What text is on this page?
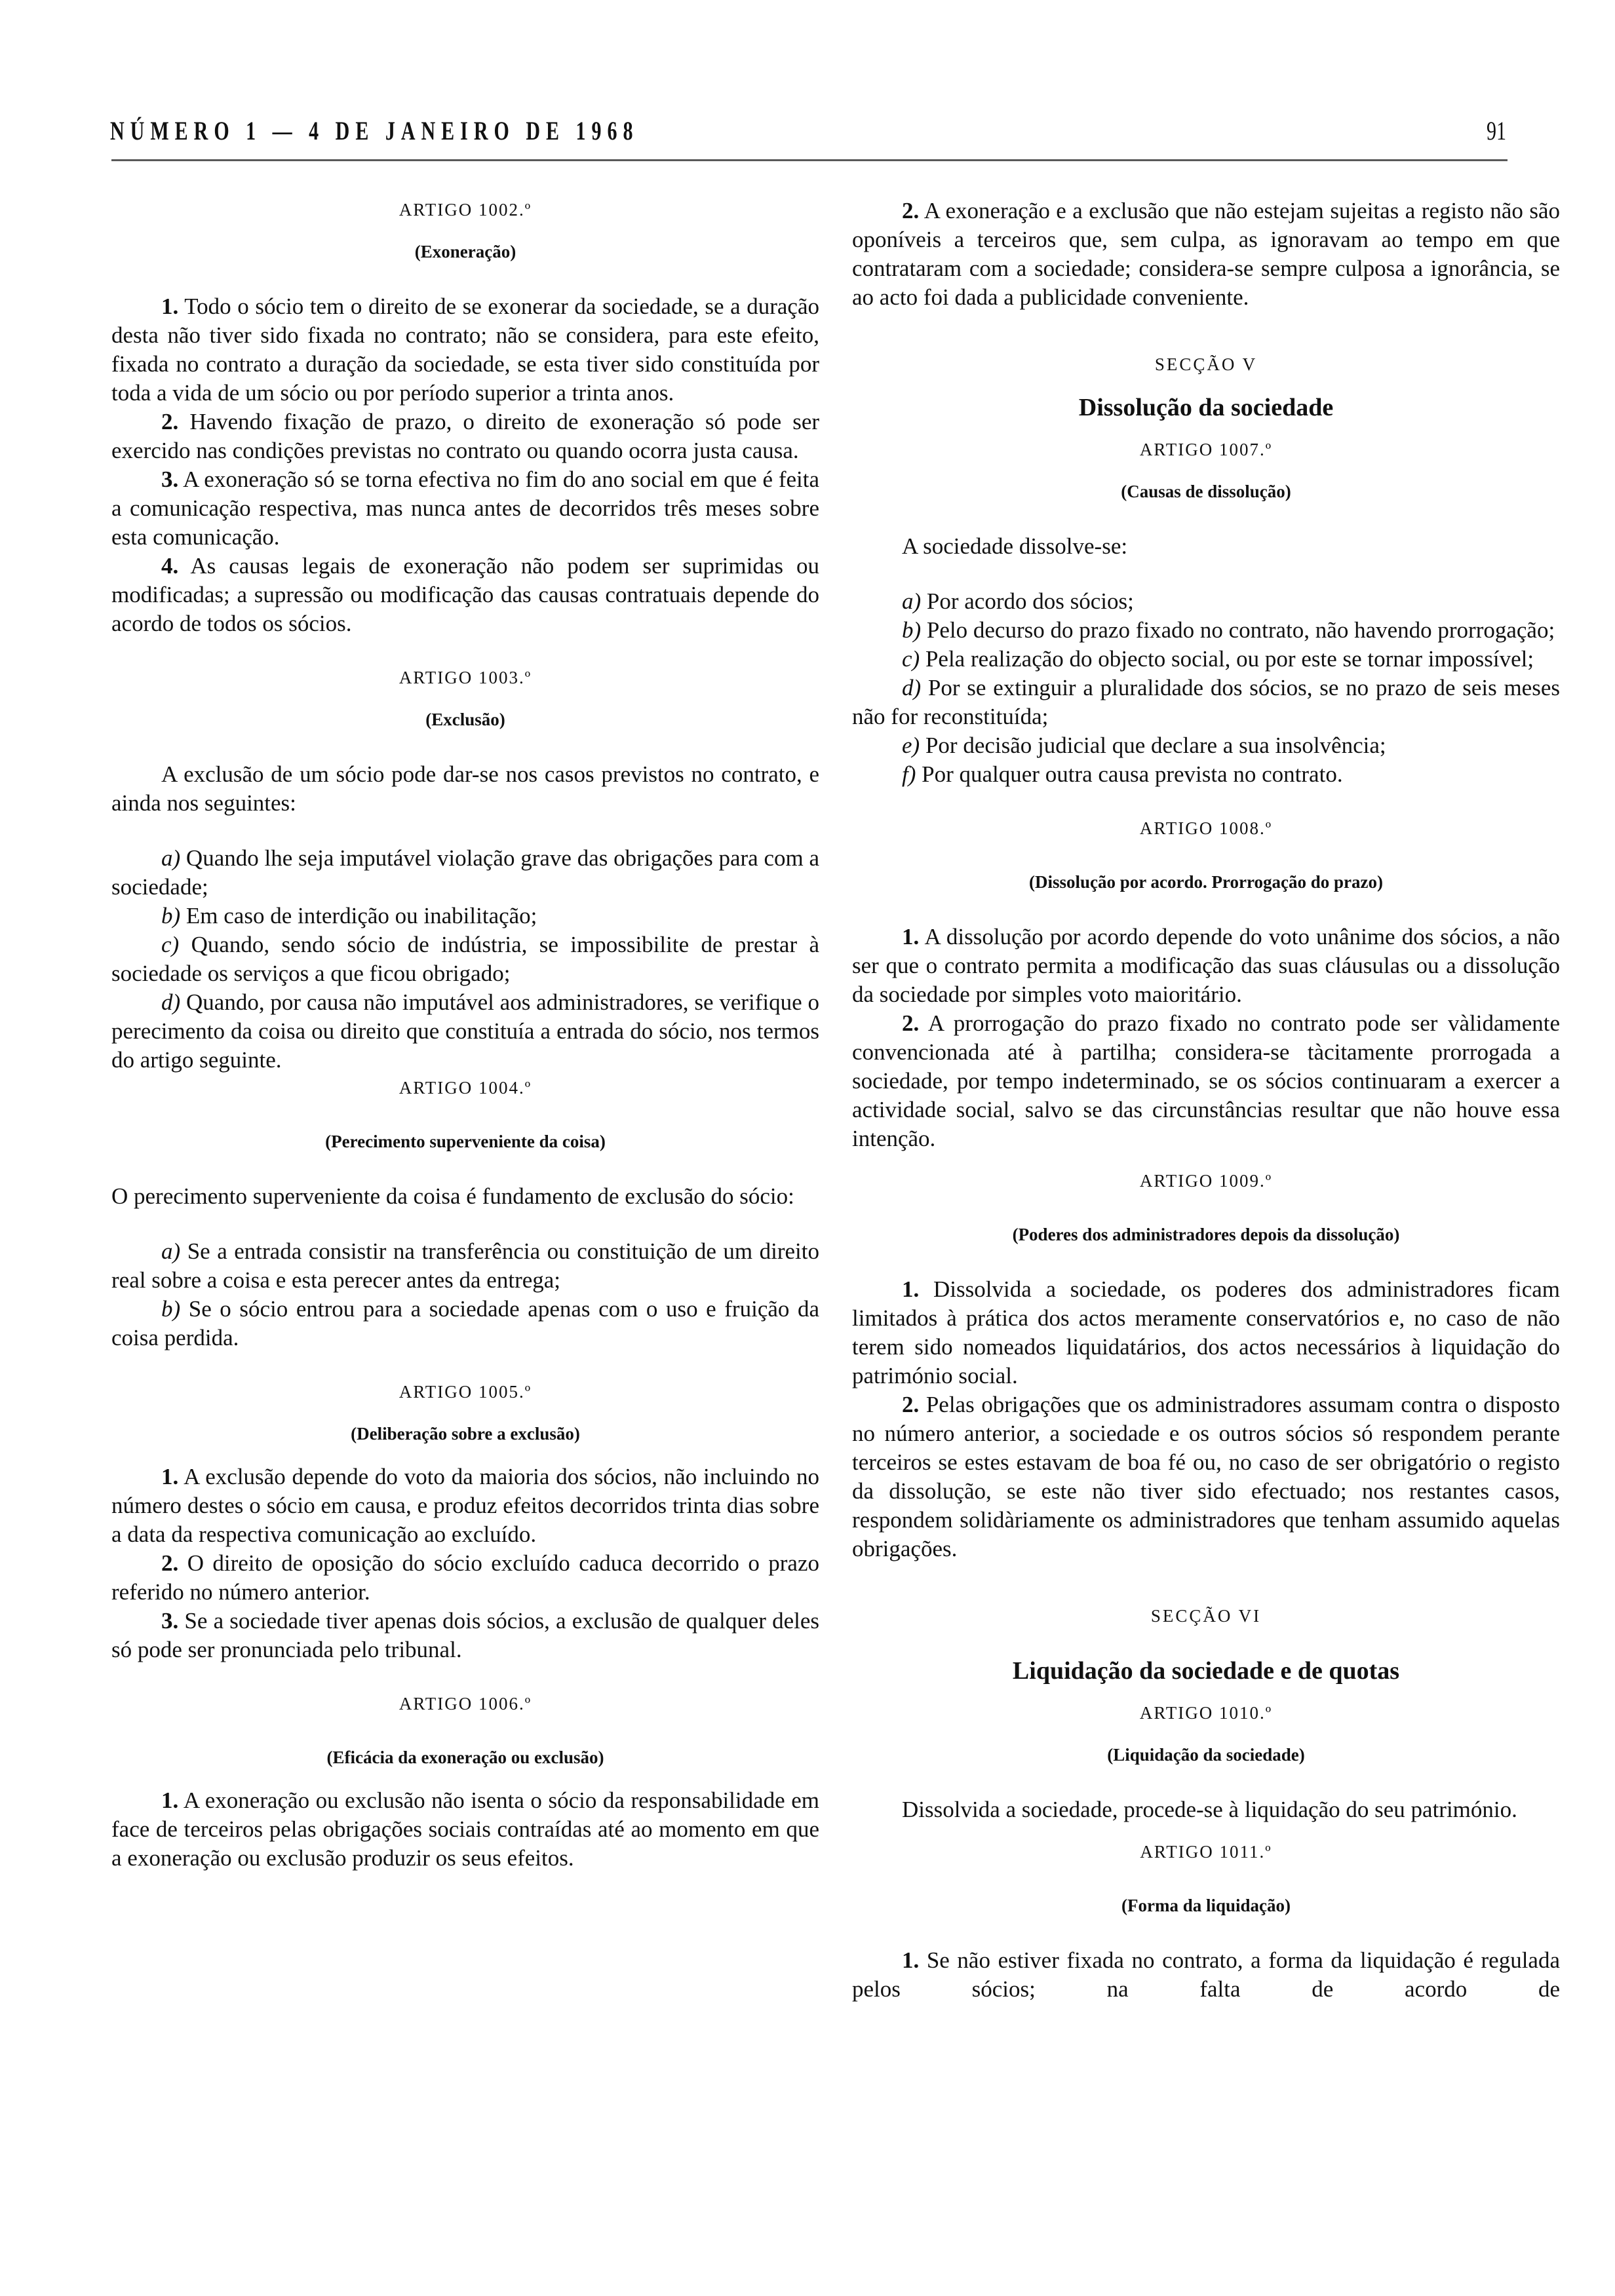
NÚMERO 1 — 4 DE JANEIRO DE 1968	91

ARTIGO 1002.º

(Exoneração)

1. Todo o sócio tem o direito de se exonerar da sociedade, se a duração desta não tiver sido fixada no contrato; não se considera, para este efeito, fixada no contrato a duração da sociedade, se esta tiver sido constituída por toda a vida de um sócio ou por período superior a trinta anos.

2. Havendo fixação de prazo, o direito de exoneração só pode ser exercido nas condições previstas no contrato ou quando ocorra justa causa.

3. A exoneração só se torna efectiva no fim do ano social em que é feita a comunicação respectiva, mas nunca antes de decorridos três meses sobre esta comunicação.

4. As causas legais de exoneração não podem ser suprimidas ou modificadas; a supressão ou modificação das causas contratuais depende do acordo de todos os sócios.

ARTIGO 1003.º

(Exclusão)

A exclusão de um sócio pode dar-se nos casos previstos no contrato, e ainda nos seguintes:

a) Quando lhe seja imputável violação grave das obrigações para com a sociedade;

b) Em caso de interdição ou inabilitação;

c) Quando, sendo sócio de indústria, se impossibilite de prestar à sociedade os serviços a que ficou obrigado;

d) Quando, por causa não imputável aos administradores, se verifique o perecimento da coisa ou direito que constituía a entrada do sócio, nos termos do artigo seguinte.

ARTIGO 1004.º

(Perecimento superveniente da coisa)

O perecimento superveniente da coisa é fundamento de exclusão do sócio:

a) Se a entrada consistir na transferência ou constituição de um direito real sobre a coisa e esta perecer antes da entrega;

b) Se o sócio entrou para a sociedade apenas com o uso e fruição da coisa perdida.

ARTIGO 1005.º

(Deliberação sobre a exclusão)

1. A exclusão depende do voto da maioria dos sócios, não incluindo no número destes o sócio em causa, e produz efeitos decorridos trinta dias sobre a data da respectiva comunicação ao excluído.

2. O direito de oposição do sócio excluído caduca decorrido o prazo referido no número anterior.

3. Se a sociedade tiver apenas dois sócios, a exclusão de qualquer deles só pode ser pronunciada pelo tribunal.

ARTIGO 1006.º

(Eficácia da exoneração ou exclusão)

1. A exoneração ou exclusão não isenta o sócio da responsabilidade em face de terceiros pelas obrigações sociais contraídas até ao momento em que a exoneração ou exclusão produzir os seus efeitos.

2. A exoneração e a exclusão que não estejam sujeitas a registo não são oponíveis a terceiros que, sem culpa, as ignoravam ao tempo em que contrataram com a sociedade; considera-se sempre culposa a ignorância, se ao acto foi dada a publicidade conveniente.

SECÇÃO V

Dissolução da sociedade

ARTIGO 1007.º

(Causas de dissolução)

A sociedade dissolve-se:

a) Por acordo dos sócios;

b) Pelo decurso do prazo fixado no contrato, não havendo prorrogação;

c) Pela realização do objecto social, ou por este se tornar impossível;

d) Por se extinguir a pluralidade dos sócios, se no prazo de seis meses não for reconstituída;

e) Por decisão judicial que declare a sua insolvência;

f) Por qualquer outra causa prevista no contrato.

ARTIGO 1008.º

(Dissolução por acordo. Prorrogação do prazo)

1. A dissolução por acordo depende do voto unânime dos sócios, a não ser que o contrato permita a modificação das suas cláusulas ou a dissolução da sociedade por simples voto maioritário.

2. A prorrogação do prazo fixado no contrato pode ser vàlidamente convencionada até à partilha; considera-se tàcitamente prorrogada a sociedade, por tempo indeterminado, se os sócios continuaram a exercer a actividade social, salvo se das circunstâncias resultar que não houve essa intenção.

ARTIGO 1009.º

(Poderes dos administradores depois da dissolução)

1. Dissolvida a sociedade, os poderes dos administradores ficam limitados à prática dos actos meramente conservatórios e, no caso de não terem sido nomeados liquidatários, dos actos necessários à liquidação do património social.

2. Pelas obrigações que os administradores assumam contra o disposto no número anterior, a sociedade e os outros sócios só respondem perante terceiros se estes estavam de boa fé ou, no caso de ser obrigatório o registo da dissolução, se este não tiver sido efectuado; nos restantes casos, respondem solidàriamente os administradores que tenham assumido aquelas obrigações.

SECÇÃO VI

Liquidação da sociedade e de quotas

ARTIGO 1010.º

(Liquidação da sociedade)

Dissolvida a sociedade, procede-se à liquidação do seu património.

ARTIGO 1011.º

(Forma da liquidação)

1. Se não estiver fixada no contrato, a forma da liquidação é regulada pelos sócios; na falta de acordo de
